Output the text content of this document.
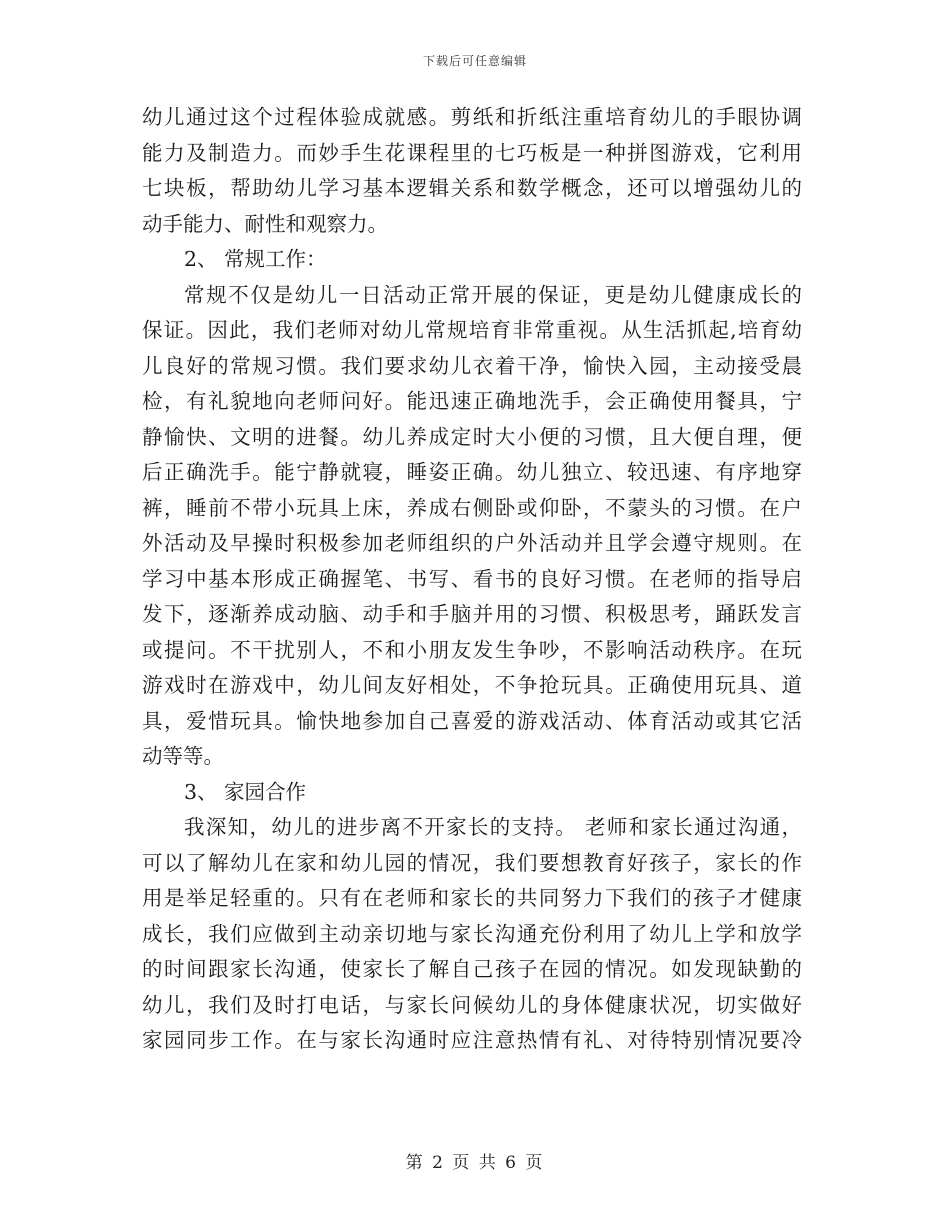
下载后可任意编辑
幼儿通过这个过程体验成就感。剪纸和折纸注重培育幼儿的手眼协调
能力及制造力。而妙手生花课程里的七巧板是一种拼图游戏，它利用
七块板，帮助幼儿学习基本逻辑关系和数学概念，还可以增强幼儿的
动手能力、耐性和观察力。
2、 常规工作：
常规不仅是幼儿一日活动正常开展的保证，更是幼儿健康成长的
保证。因此，我们老师对幼儿常规培育非常重视。从生活抓起,培育幼
儿良好的常规习惯。我们要求幼儿衣着干净，愉快入园，主动接受晨
检，有礼貌地向老师问好。能迅速正确地洗手，会正确使用餐具，宁
静愉快、文明的进餐。幼儿养成定时大小便的习惯，且大便自理，便
后正确洗手。能宁静就寝，睡姿正确。幼儿独立、较迅速、有序地穿
裤，睡前不带小玩具上床，养成右侧卧或仰卧，不蒙头的习惯。在户
外活动及早操时积极参加老师组织的户外活动并且学会遵守规则。在
学习中基本形成正确握笔、书写、看书的良好习惯。在老师的指导启
发下，逐渐养成动脑、动手和手脑并用的习惯、积极思考，踊跃发言
或提问。不干扰别人，不和小朋友发生争吵，不影响活动秩序。在玩
游戏时在游戏中，幼儿间友好相处，不争抢玩具。正确使用玩具、道
具，爱惜玩具。愉快地参加自己喜爱的游戏活动、体育活动或其它活
动等等。
3、 家园合作
我深知，幼儿的进步离不开家长的支持。 老师和家长通过沟通，
可以了解幼儿在家和幼儿园的情况，我们要想教育好孩子，家长的作
用是举足轻重的。只有在老师和家长的共同努力下我们的孩子才健康
成长，我们应做到主动亲切地与家长沟通充份利用了幼儿上学和放学
的时间跟家长沟通，使家长了解自己孩子在园的情况。如发现缺勤的
幼儿，我们及时打电话，与家长问候幼儿的身体健康状况，切实做好
家园同步工作。在与家长沟通时应注意热情有礼、对待特别情况要冷
第 2 页 共 6 页
